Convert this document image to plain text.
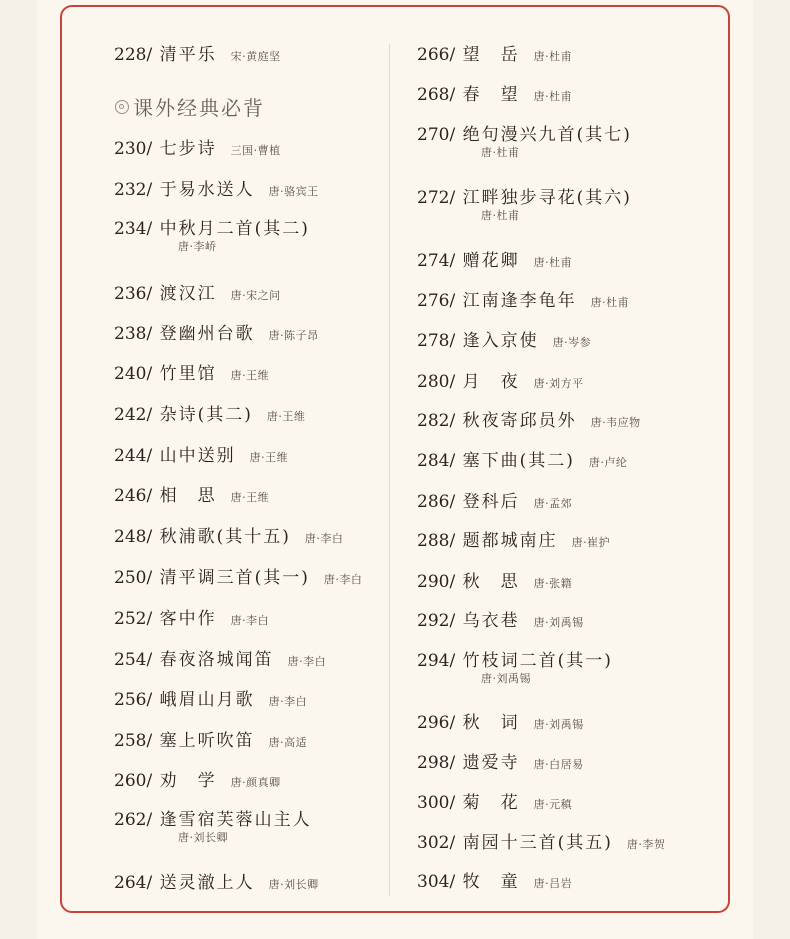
课外经典必背
228/ 清平乐 宋·黄庭坚
230/ 七步诗 三国·曹植
232/ 于易水送人 唐·骆宾王
234/ 中秋月二首(其二)
唐·李峤
236/ 渡汉江 唐·宋之问
238/ 登幽州台歌 唐·陈子昂
240/ 竹里馆 唐·王维
242/ 杂诗(其二) 唐·王维
244/ 山中送别 唐·王维
246/ 相　思 唐·王维
248/ 秋浦歌(其十五) 唐·李白
250/ 清平调三首(其一) 唐·李白
252/ 客中作 唐·李白
254/ 春夜洛城闻笛 唐·李白
256/ 峨眉山月歌 唐·李白
258/ 塞上听吹笛 唐·高适
260/ 劝　学 唐·颜真卿
262/ 逢雪宿芙蓉山主人
唐·刘长卿
264/ 送灵澈上人 唐·刘长卿
266/ 望　岳 唐·杜甫
268/ 春　望 唐·杜甫
270/ 绝句漫兴九首(其七)
唐·杜甫
272/ 江畔独步寻花(其六)
唐·杜甫
274/ 赠花卿 唐·杜甫
276/ 江南逢李龟年 唐·杜甫
278/ 逢入京使 唐·岑参
280/ 月　夜 唐·刘方平
282/ 秋夜寄邱员外 唐·韦应物
284/ 塞下曲(其二) 唐·卢纶
286/ 登科后 唐·孟郊
288/ 题都城南庄 唐·崔护
290/ 秋　思 唐·张籍
292/ 乌衣巷 唐·刘禹锡
294/ 竹枝词二首(其一)
唐·刘禹锡
296/ 秋　词 唐·刘禹锡
298/ 遗爱寺 唐·白居易
300/ 菊　花 唐·元稹
302/ 南园十三首(其五) 唐·李贺
304/ 牧　童 唐·吕岩
